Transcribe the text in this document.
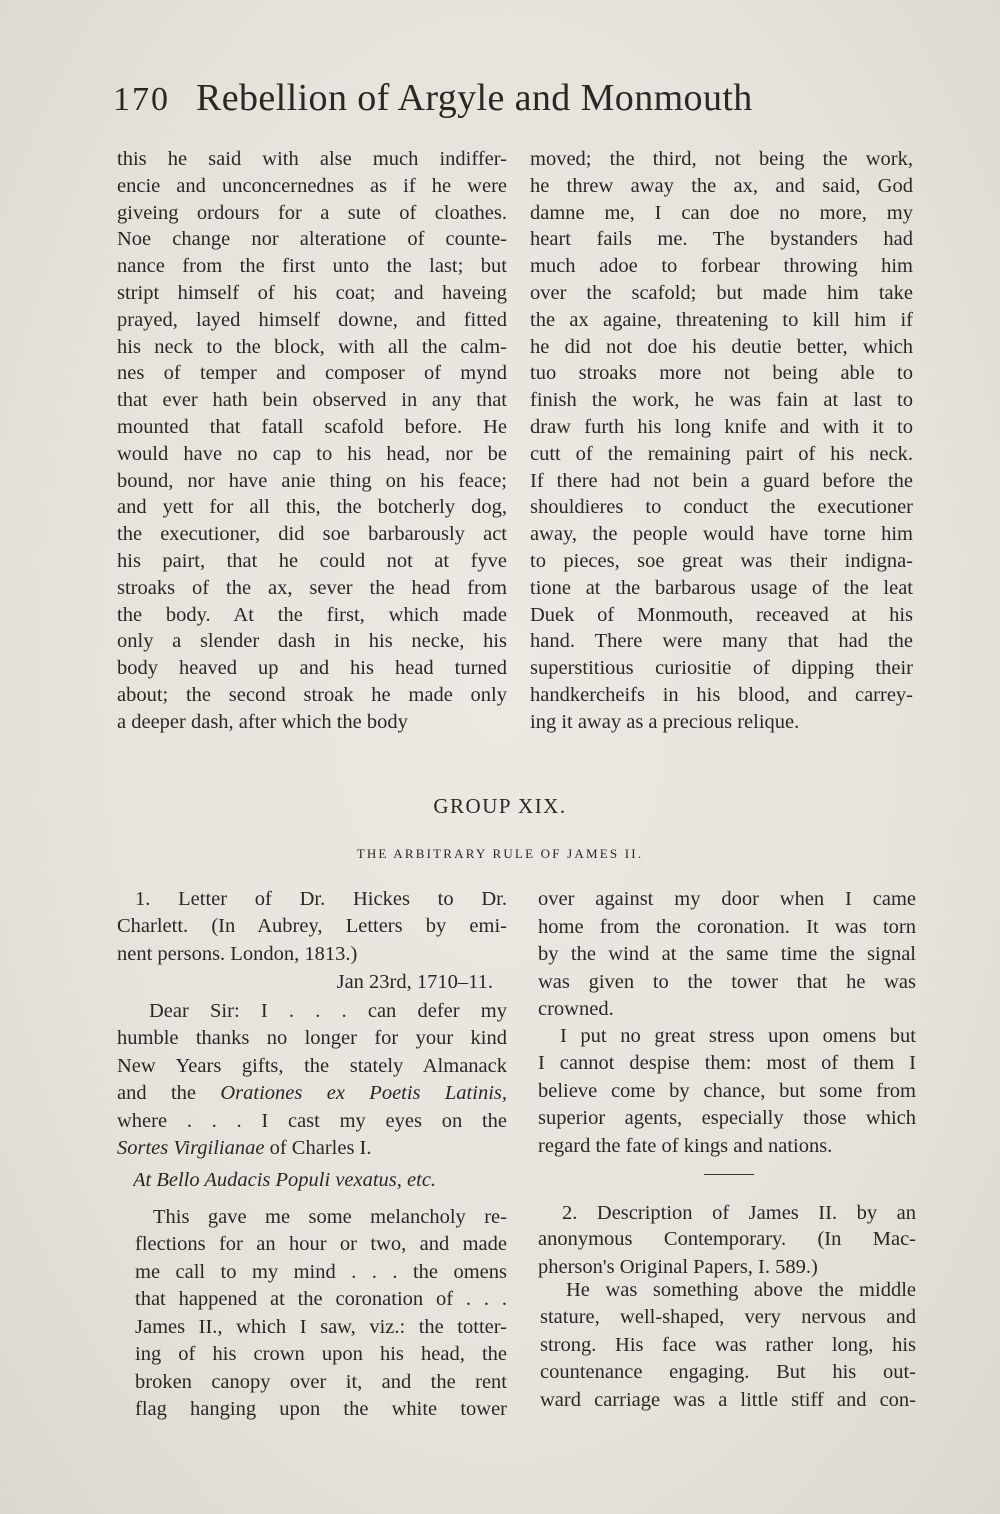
170 Rebellion of Argyle and Monmouth
this he said with alse much indiffer-
encie and unconcernednes as if he were
giveing ordours for a sute of cloathes.
Noe change nor alteratione of counte-
nance from the first unto the last; but
stript himself of his coat; and haveing
prayed, layed himself downe, and fitted
his neck to the block, with all the calm-
nes of temper and composer of mynd
that ever hath bein observed in any that
mounted that fatall scafold before. He
would have no cap to his head, nor be
bound, nor have anie thing on his feace;
and yett for all this, the botcherly dog,
the executioner, did soe barbarously act
his pairt, that he could not at fyve
stroaks of the ax, sever the head from
the body. At the first, which made
only a slender dash in his necke, his
body heaved up and his head turned
about; the second stroak he made only
a deeper dash, after which the body
moved; the third, not being the work,
he threw away the ax, and said, God
damne me, I can doe no more, my
heart fails me. The bystanders had
much adoe to forbear throwing him
over the scafold; but made him take
the ax againe, threatening to kill him if
he did not doe his deutie better, which
tuo stroaks more not being able to
finish the work, he was fain at last to
draw furth his long knife and with it to
cutt of the remaining pairt of his neck.
If there had not bein a guard before the
shouldieres to conduct the executioner
away, the people would have torne him
to pieces, soe great was their indigna-
tione at the barbarous usage of the leat
Duek of Monmouth, receaved at his
hand. There were many that had the
superstitious curiositie of dipping their
handkercheifs in his blood, and carrey-
ing it away as a precious relique.
GROUP XIX.
THE ARBITRARY RULE OF JAMES II.
1. Letter of Dr. Hickes to Dr.
Charlett. (In Aubrey, Letters by emi-
nent persons. London, 1813.)
Jan 23rd, 1710–11.
Dear Sir: I . . . can defer my
humble thanks no longer for your kind
New Years gifts, the stately Almanack
and the Orationes ex Poetis Latinis,
where . . . I cast my eyes on the
Sortes Virgilianae of Charles I.
At Bello Audacis Populi vexatus, etc.
This gave me some melancholy re-
flections for an hour or two, and made
me call to my mind . . . the omens
that happened at the coronation of . . .
James II., which I saw, viz.: the totter-
ing of his crown upon his head, the
broken canopy over it, and the rent
flag hanging upon the white tower
over against my door when I came
home from the coronation. It was torn
by the wind at the same time the signal
was given to the tower that he was
crowned.
I put no great stress upon omens but
I cannot despise them: most of them I
believe come by chance, but some from
superior agents, especially those which
regard the fate of kings and nations.
2. Description of James II. by an
anonymous Contemporary. (In Mac-
pherson's Original Papers, I. 589.)
He was something above the middle
stature, well-shaped, very nervous and
strong. His face was rather long, his
countenance engaging. But his out-
ward carriage was a little stiff and con-
